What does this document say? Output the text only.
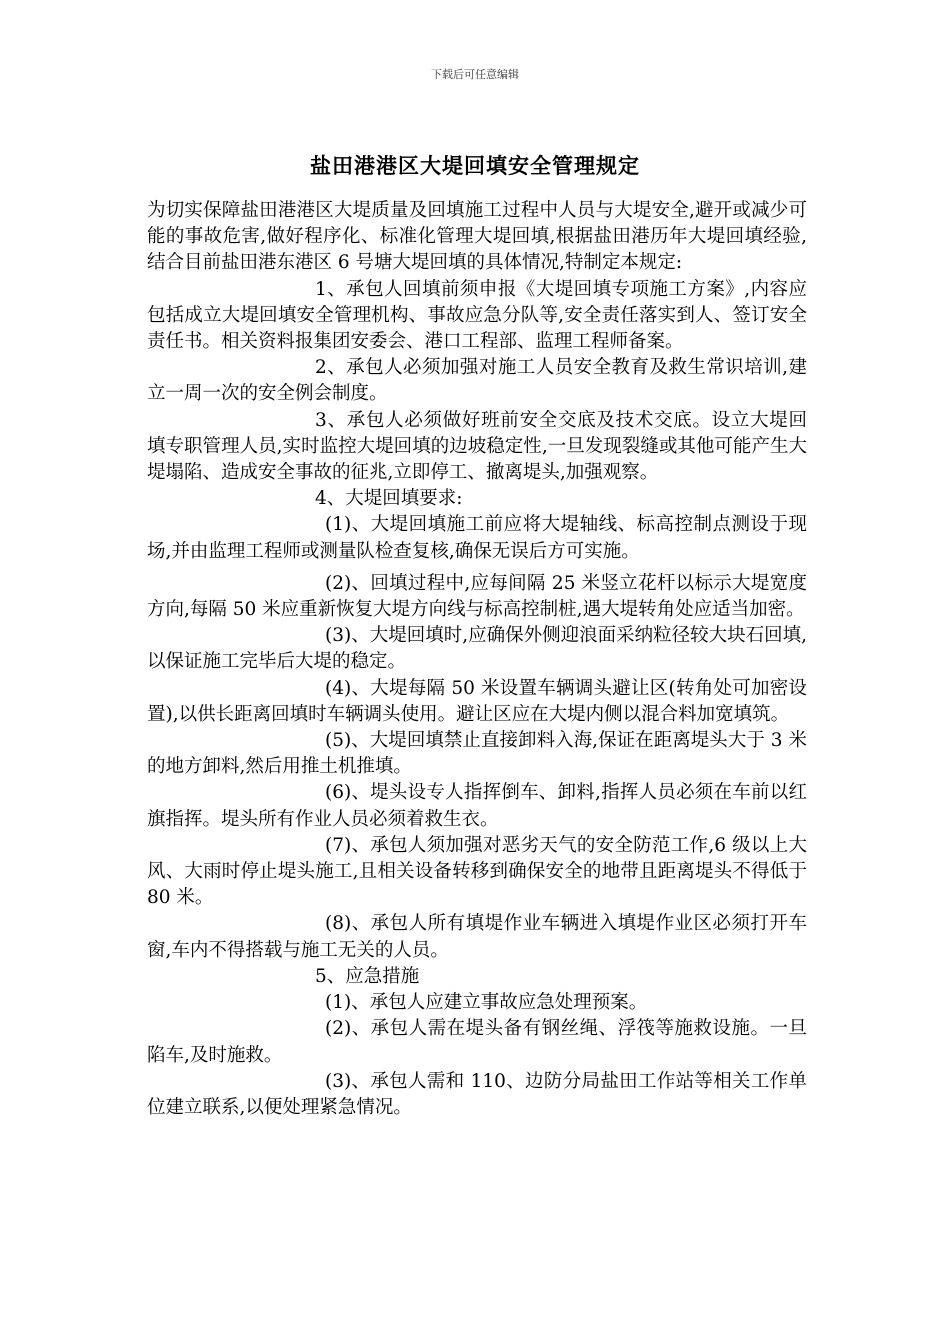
下载后可任意编辑
盐田港港区大堤回填安全管理规定

为切实保障盐田港港区大堤质量及回填施工过程中人员与大堤安全,避开或减少可能的事故危害,做好程序化、标准化管理大堤回填,根据盐田港历年大堤回填经验,结合目前盐田港东港区 6 号塘大堤回填的具体情况,特制定本规定:

1、承包人回填前须申报《大堤回填专项施工方案》,内容应包括成立大堤回填安全管理机构、事故应急分队等,安全责任落实到人、签订安全责任书。相关资料报集团安委会、港口工程部、监理工程师备案。

2、承包人必须加强对施工人员安全教育及救生常识培训,建立一周一次的安全例会制度。

3、承包人必须做好班前安全交底及技术交底。设立大堤回填专职管理人员,实时监控大堤回填的边坡稳定性,一旦发现裂缝或其他可能产生大堤塌陷、造成安全事故的征兆,立即停工、撤离堤头,加强观察。

4、大堤回填要求:

(1)、大堤回填施工前应将大堤轴线、标高控制点测设于现场,并由监理工程师或测量队检查复核,确保无误后方可实施。

(2)、回填过程中,应每间隔 25 米竖立花杆以标示大堤宽度方向,每隔 50 米应重新恢复大堤方向线与标高控制桩,遇大堤转角处应适当加密。

(3)、大堤回填时,应确保外侧迎浪面采纳粒径较大块石回填,以保证施工完毕后大堤的稳定。

(4)、大堤每隔 50 米设置车辆调头避让区(转角处可加密设置),以供长距离回填时车辆调头使用。避让区应在大堤内侧以混合料加宽填筑。

(5)、大堤回填禁止直接卸料入海,保证在距离堤头大于 3 米的地方卸料,然后用推土机推填。

(6)、堤头设专人指挥倒车、卸料,指挥人员必须在车前以红旗指挥。堤头所有作业人员必须着救生衣。

(7)、承包人须加强对恶劣天气的安全防范工作,6 级以上大风、大雨时停止堤头施工,且相关设备转移到确保安全的地带且距离堤头不得低于 80 米。

(8)、承包人所有填堤作业车辆进入填堤作业区必须打开车窗,车内不得搭载与施工无关的人员。

5、应急措施

(1)、承包人应建立事故应急处理预案。

(2)、承包人需在堤头备有钢丝绳、浮筏等施救设施。一旦陷车,及时施救。

(3)、承包人需和 110、边防分局盐田工作站等相关工作单位建立联系,以便处理紧急情况。
